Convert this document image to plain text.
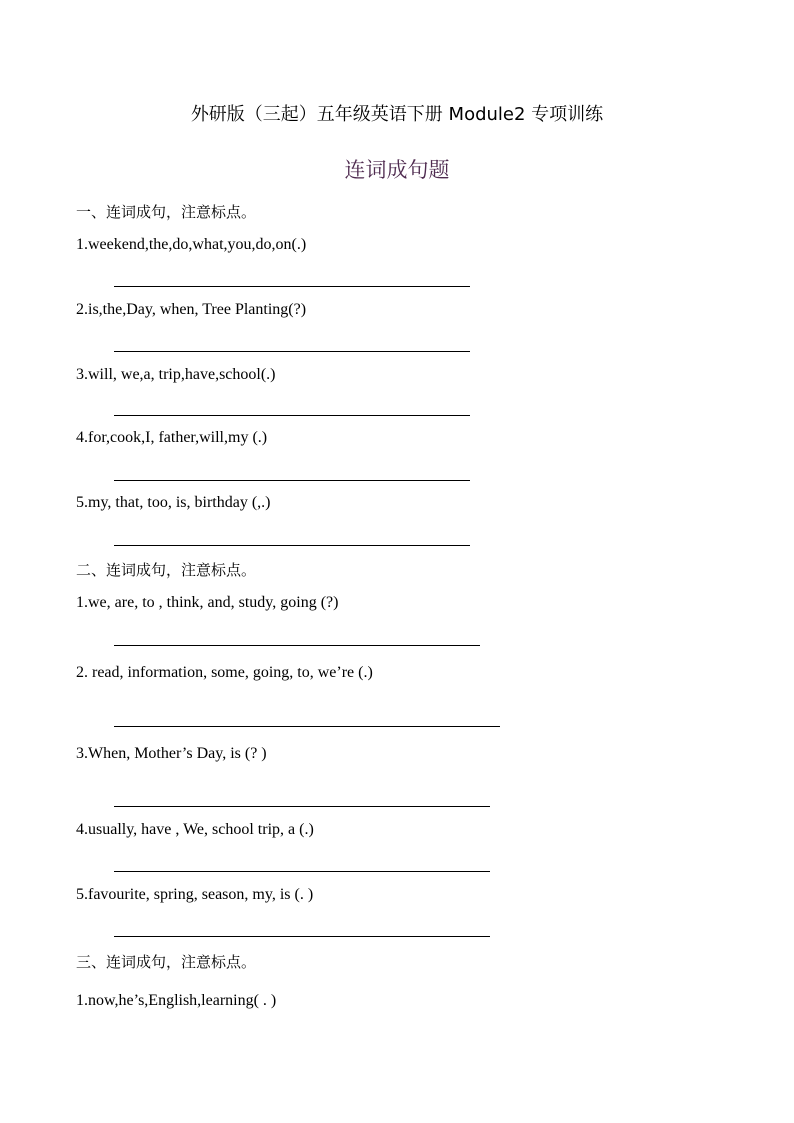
外研版（三起）五年级英语下册 Module2 专项训练
连词成句题
一、连词成句，注意标点。
1.weekend,the,do,what,you,do,on(.)
2.is,the,Day, when, Tree Planting(?)
3.will, we,a, trip,have,school(.)
4.for,cook,I, father,will,my (.)
5.my, that, too, is, birthday (,.)
二、连词成句，注意标点。
1.we, are, to , think, and, study, going (?)
2. read, information, some, going, to, we’re (.)
3.When, Mother’s Day, is (? )
4.usually, have , We, school trip, a (.)
5.favourite, spring, season, my, is (. )
三、连词成句，注意标点。
1.now,he’s,English,learning( . )
